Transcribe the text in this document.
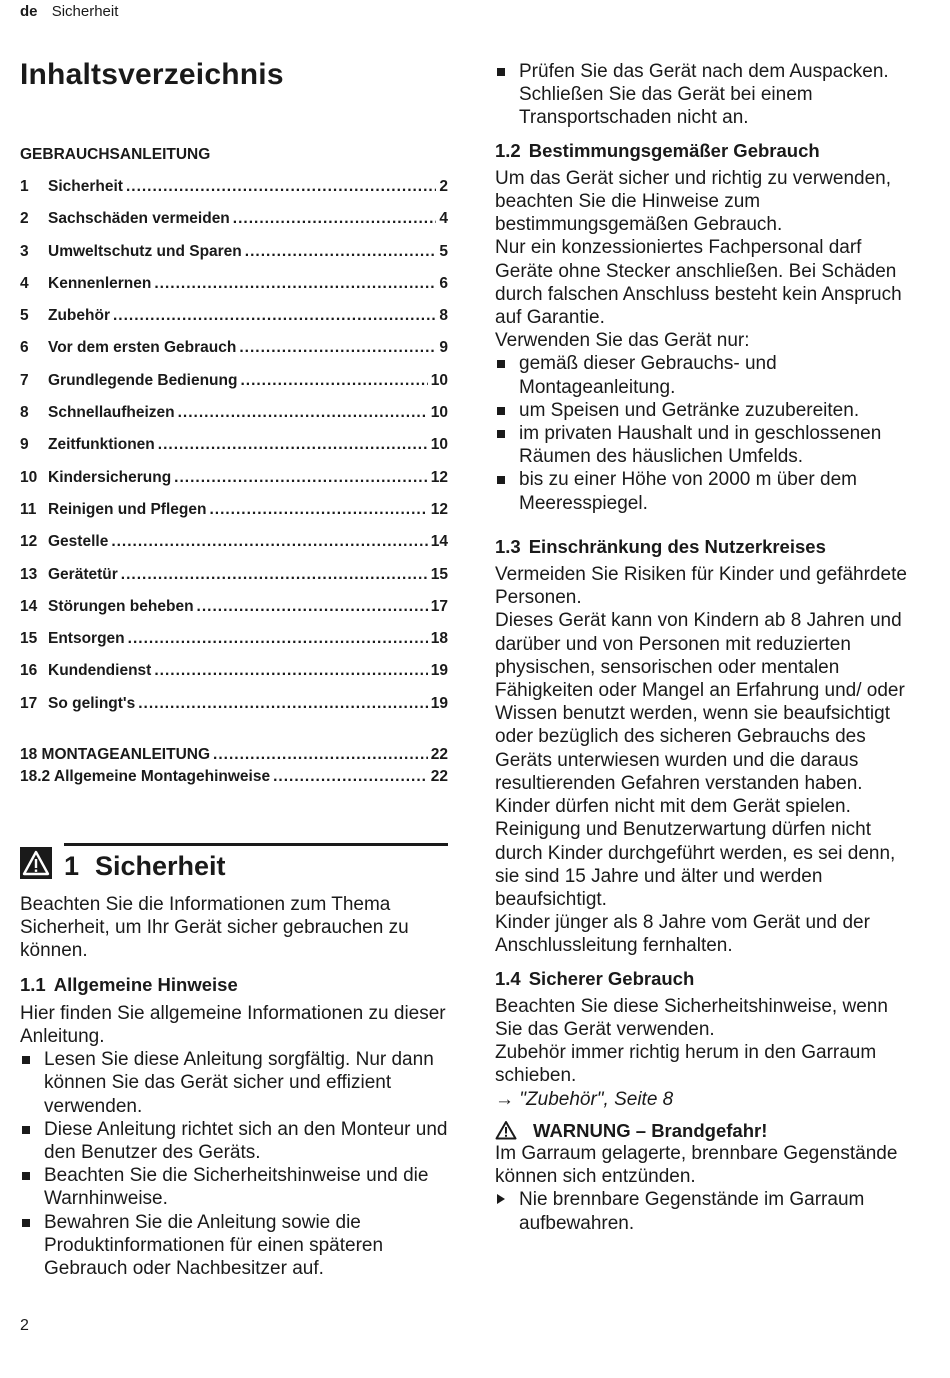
de Sicherheit
Inhaltsverzeichnis
GEBRAUCHSANLEITUNG
1	Sicherheit .....	2
2	Sachschäden vermeiden .....	4
3	Umweltschutz und Sparen .....	5
4	Kennenlernen .....	6
5	Zubehör .....	8
6	Vor dem ersten Gebrauch .....	9
7	Grundlegende Bedienung .....	10
8	Schnellaufheizen .....	10
9	Zeitfunktionen .....	10
10 Kindersicherung .....	12
11 Reinigen und Pflegen .....	12
12 Gestelle .....	14
13 Gerätetür .....	15
14 Störungen beheben .....	17
15 Entsorgen .....	18
16 Kundendienst .....	19
17 So gelingt's .....	19
18 MONTAGEANLEITUNG .....	22
18.2 Allgemeine Montagehinweise .....	22
1 Sicherheit

Beachten Sie die Informationen zum Thema Sicherheit, um Ihr Gerät sicher gebrauchen zu können.

1.1 Allgemeine Hinweise

Hier finden Sie allgemeine Informationen zu dieser Anleitung.

Lesen Sie diese Anleitung sorgfältig. Nur dann können Sie das Gerät sicher und effizient verwenden.
Diese Anleitung richtet sich an den Monteur und den Benutzer des Geräts.
Beachten Sie die Sicherheitshinweise und die Warnhinweise.
Bewahren Sie die Anleitung sowie die Produktinformationen für einen späteren Gebrauch oder Nachbesitzer auf.
2
Prüfen Sie das Gerät nach dem Auspacken. Schließen Sie das Gerät bei einem Transportschaden nicht an.
1.2 Bestimmungsgemäßer Gebrauch

Um das Gerät sicher und richtig zu verwenden, beachten Sie die Hinweise zum bestimmungsgemäßen Gebrauch.

Nur ein konzessioniertes Fachpersonal darf Geräte ohne Stecker anschließen. Bei Schäden durch falschen Anschluss besteht kein Anspruch auf Garantie.

Verwenden Sie das Gerät nur:

gemäß dieser Gebrauchs- und Montageanleitung.
um Speisen und Getränke zuzubereiten.
im privaten Haushalt und in geschlossenen Räumen des häuslichen Umfelds.
bis zu einer Höhe von 2000 m über dem Meeresspiegel.
1.3 Einschränkung des Nutzerkreises

Vermeiden Sie Risiken für Kinder und gefährdete Personen.

Dieses Gerät kann von Kindern ab 8 Jahren und darüber und von Personen mit reduzierten physischen, sensorischen oder mentalen Fähigkeiten oder Mangel an Erfahrung und/ oder Wissen benutzt werden, wenn sie beaufsichtigt oder bezüglich des sicheren Gebrauchs des Geräts unterwiesen wurden und die daraus resultierenden Gefahren verstanden haben.

Kinder dürfen nicht mit dem Gerät spielen.

Reinigung und Benutzerwartung dürfen nicht durch Kinder durchgeführt werden, es sei denn, sie sind 15 Jahre und älter und werden beaufsichtigt.

Kinder jünger als 8 Jahre vom Gerät und der Anschlussleitung fernhalten.

1.4 Sicherer Gebrauch

Beachten Sie diese Sicherheitshinweise, wenn Sie das Gerät verwenden.

Zubehör immer richtig herum in den Garraum schieben.

→ "Zubehör", Seite 8

WARNUNG – Brandgefahr!

Im Garraum gelagerte, brennbare Gegenstände können sich entzünden.

Nie brennbare Gegenstände im Garraum aufbewahren.
